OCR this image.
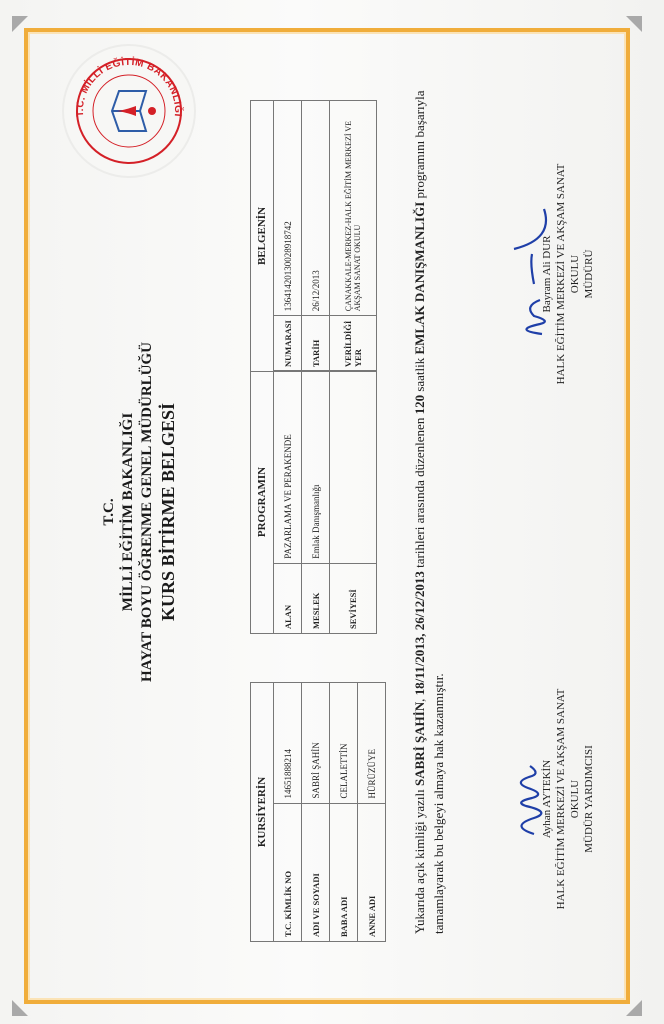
T.C. MİLLİ EĞİTİM BAKANLIĞI
T.C. MİLLİ EĞİTİM BAKANLIĞI HAYAT BOYU ÖĞRENME GENEL MÜDÜRLÜĞÜ KURS BİTİRME BELGESİ
KURSİYERİN	
T.C. KİMLİK NO	14651888214
ADI VE SOYADI	SABRİ ŞAHİN
BABA ADI	CELALETTİN
ANNE ADI	HÜRÜZÜYE
PROGRAMIN	
ALAN	PAZARLAMA VE PERAKENDE
MESLEK	Emlak Danışmanlığı
SEVİYESİ	
BELGENİN	
NUMARASI	136414201300289187​42
TARİH	26/12/2013
VERİLDİĞİ YER	ÇANAKKALE-MERKEZ-HALK EĞİTİM MERKEZİ VE AKŞAM SANAT OKULU
Yukarıda açık kimliği yazılı SABRİ ŞAHİN, 18/11/2013, 26/12/2013 tarihleri arasında düzenlenen 120 saatlik EMLAK DANIŞMANLIĞI programını başarıyla tamamlayarak bu belgeyi almaya hak kazanmıştır.	Ayhan AYTEKİN HALK EĞİTİM MERKEZİ VE AKŞAM SANAT OKULU MÜDÜR YARDIMCISI
Bayram Ali DUR HALK EĞİTİM MERKEZİ VE AKŞAM SANAT OKULU MÜDÜRÜ
